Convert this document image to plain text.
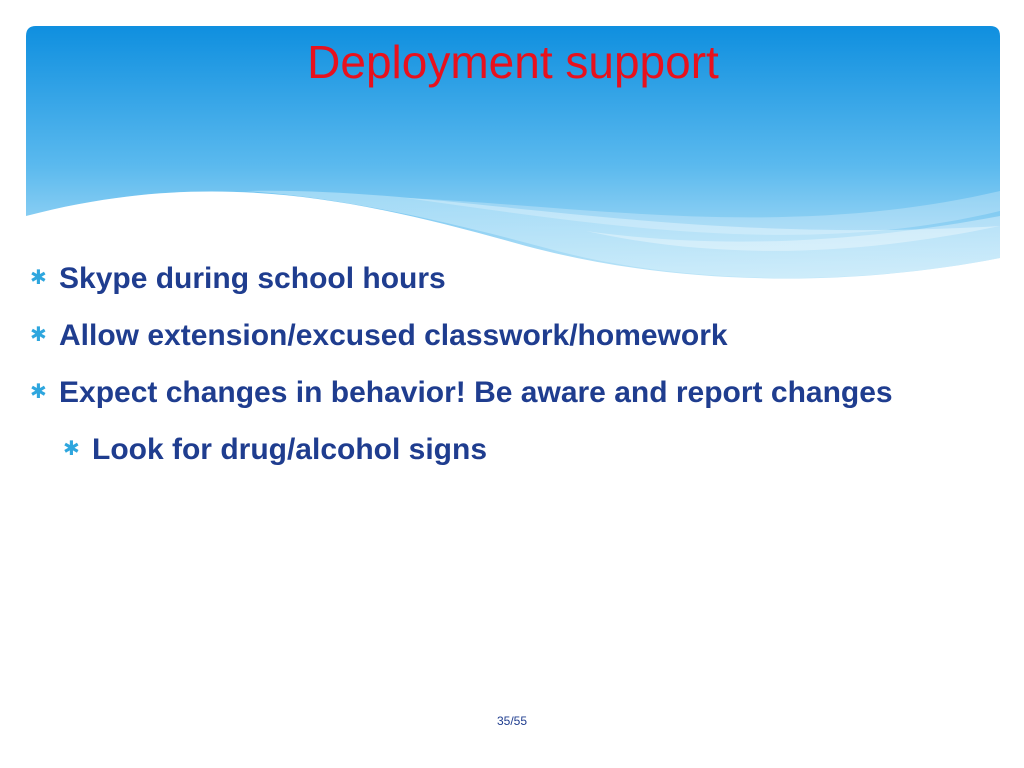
Deployment support
✱ Skype during school hours
✱ Allow extension/excused classwork/homework
✱ Expect changes in behavior! Be aware and report changes
✱ Look for drug/alcohol signs
35/55
